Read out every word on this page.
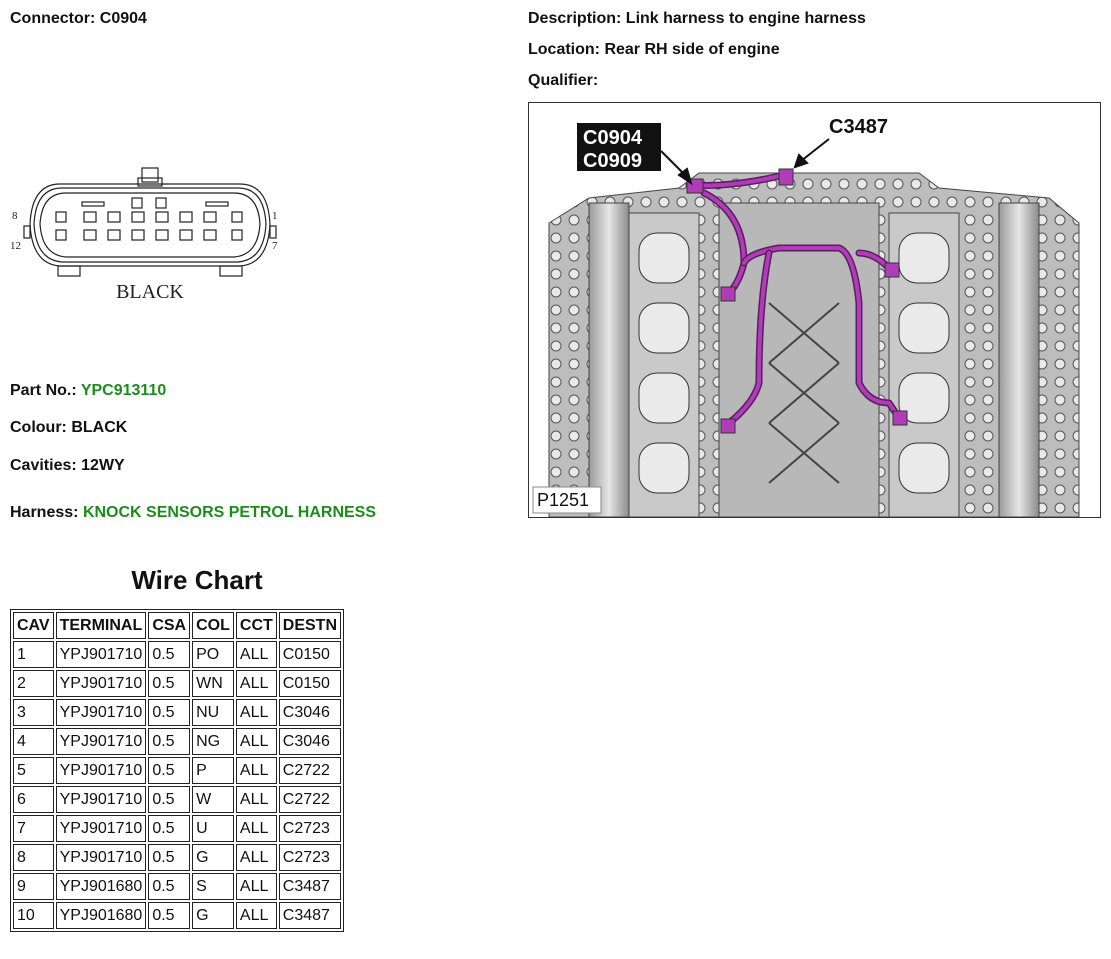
Connector: C0904	Description: Link harness to engine harness
Location: Rear RH side of engine
Qualifier:
8
12
1
7
BLACK
C0904
C0909
C3487
P1251
Part No.: YPC913110
Colour: BLACK
Cavities: 12WY
Harness: KNOCK SENSORS PETROL HARNESS
Wire Chart
CAV	TERMINAL	CSA	COL	CCT	DESTN
1	YPJ901710	0.5	PO	ALL	C0150
2	YPJ901710	0.5	WN	ALL	C0150
3	YPJ901710	0.5	NU	ALL	C3046
4	YPJ901710	0.5	NG	ALL	C3046
5	YPJ901710	0.5	P	ALL	C2722
6	YPJ901710	0.5	W	ALL	C2722
7	YPJ901710	0.5	U	ALL	C2723
8	YPJ901710	0.5	G	ALL	C2723
9	YPJ901680	0.5	S	ALL	C3487
10	YPJ901680	0.5	G	ALL	C3487
